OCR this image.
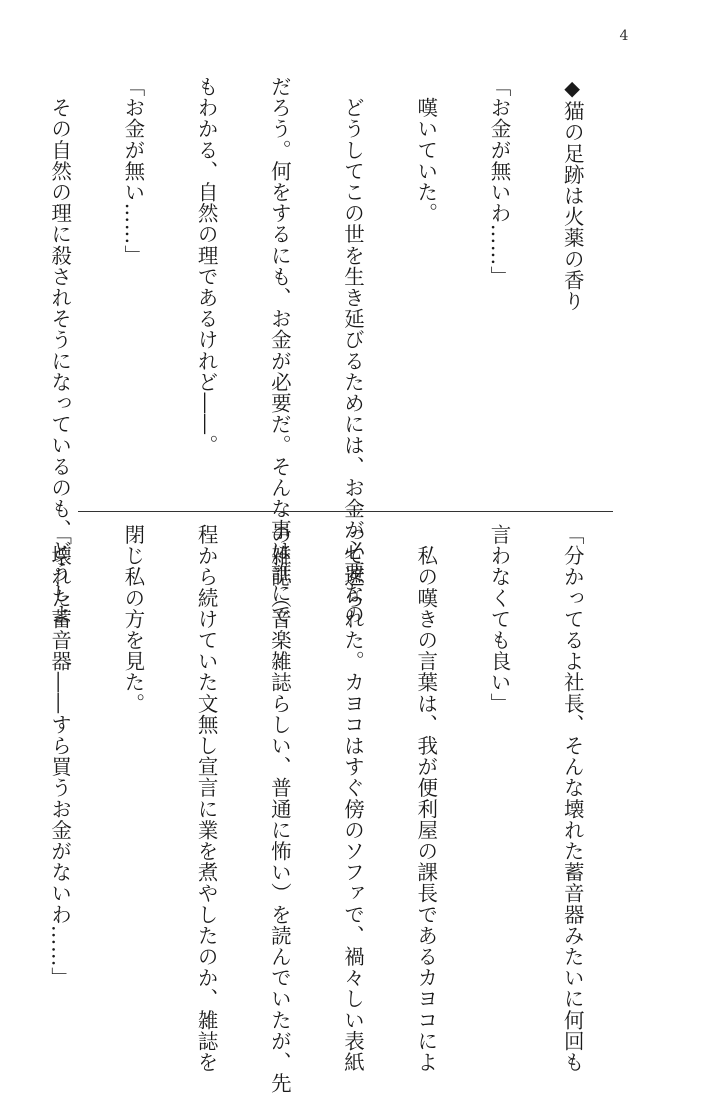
4

◆猫の足跡は火薬の香り

「お金が無いわ……」

　嘆いていた。

　どうしてこの世を生き延びるためには、お金が必要なの

だろう。何をするにも、お金が必要だ。そんな事は誰にで

もわかる、自然の理であるけれど――。

「お金が無い……」

　その自然の理に殺されそうになっているのも、どうしよ

「分かってるよ社長、そんな壊れた蓄音器みたいに何回も

言わなくても良い」

　私の嘆きの言葉は、我が便利屋の課長であるカヨコによ

って遮られた。カヨコはすぐ傍のソファで、禍々しい表紙

の雑誌（音楽雑誌らしい、普通に怖い）を読んでいたが、先

程から続けていた文無し宣言に業を煮やしたのか、雑誌を

閉じ私の方を見た。

「壊れた蓄音器――すら買うお金がないわ……」
